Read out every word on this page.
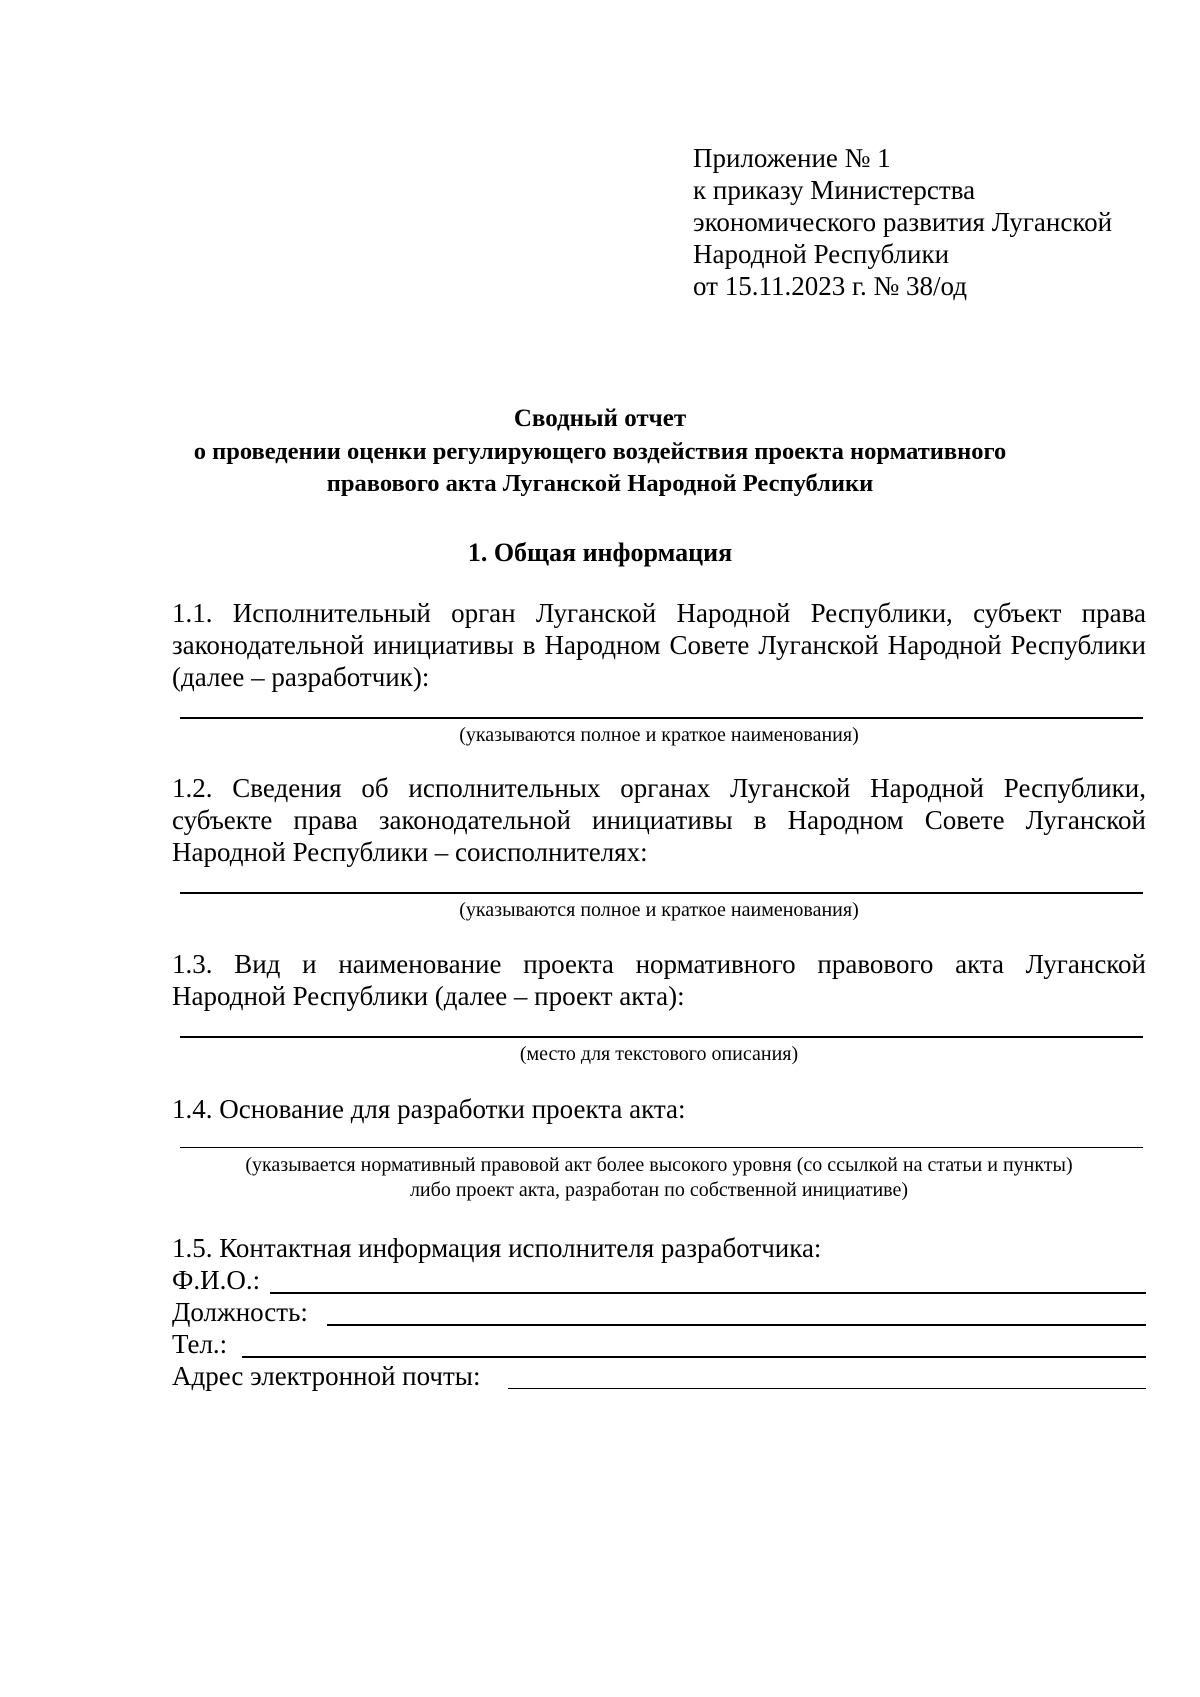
Приложение № 1
к приказу Министерства
экономического развития Луганской
Народной Республики
от 15.11.2023 г. № 38/од
Сводный отчет
о проведении оценки регулирующего воздействия проекта нормативного
правового акта Луганской Народной Республики
1. Общая информация
1.1. Исполнительный орган Луганской Народной Республики, субъект права законодательной инициативы в Народном Совете Луганской Народной Республики (далее – разработчик):
(указываются полное и краткое наименования)
1.2. Сведения об исполнительных органах Луганской Народной Республики, субъекте права законодательной инициативы в Народном Совете Луганской Народной Республики – соисполнителях:
(указываются полное и краткое наименования)
1.3. Вид и наименование проекта нормативного правового акта Луганской Народной Республики (далее – проект акта):
(место для текстового описания)
1.4. Основание для разработки проекта акта:
(указывается нормативный правовой акт более высокого уровня (со ссылкой на статьи и пункты)
либо проект акта, разработан по собственной инициативе)
1.5. Контактная информация исполнителя разработчика:
Ф.И.О.:
Должность:
Тел.:
Адрес электронной почты:
